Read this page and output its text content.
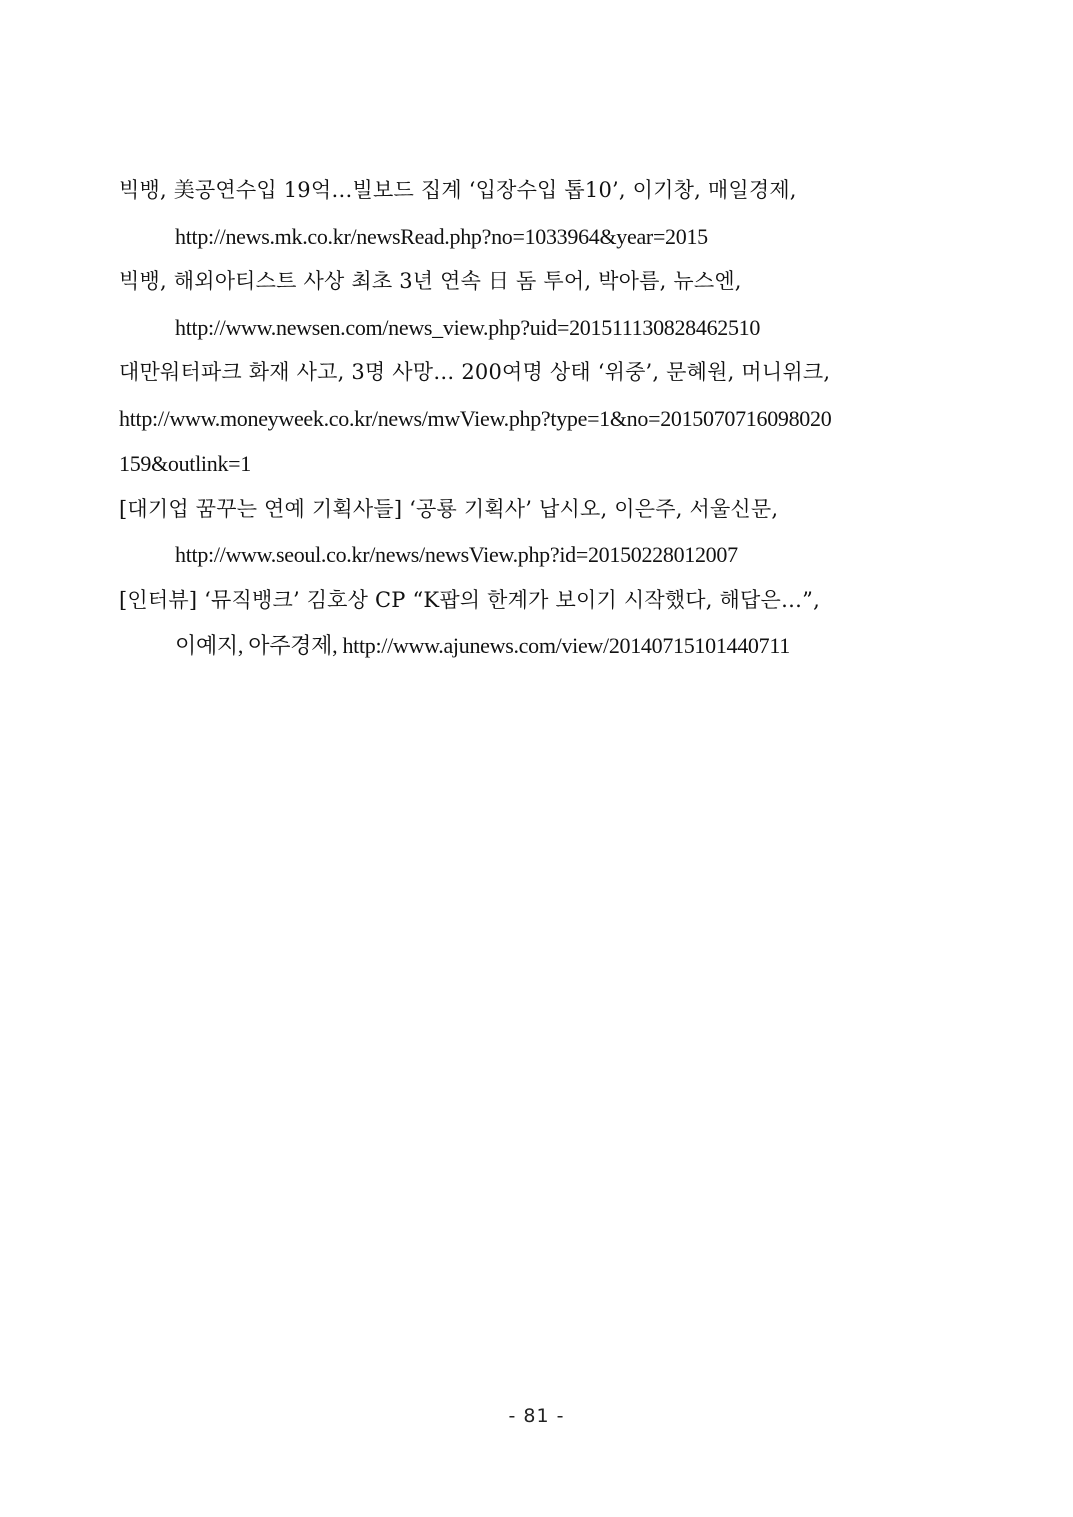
빅뱅, 美공연수입 19억…빌보드 집계 ‘입장수입 톱10’, 이기창, 매일경제,
http://news.mk.co.kr/newsRead.php?no=1033964&year=2015
빅뱅, 해외아티스트 사상 최초 3년 연속 日 돔 투어, 박아름, 뉴스엔,
http://www.newsen.com/news_view.php?uid=201511130828462510
대만워터파크 화재 사고, 3명 사망… 200여명 상태 ‘위중’, 문혜원, 머니위크,
http://www.moneyweek.co.kr/news/mwView.php?type=1&no=2015070716098020
159&outlink=1
[대기업 꿈꾸는 연예 기획사들] ‘공룡 기획사’ 납시오, 이은주, 서울신문,
http://www.seoul.co.kr/news/newsView.php?id=20150228012007
[인터뷰] ‘뮤직뱅크’ 김호상 CP “K팝의 한계가 보이기 시작했다, 해답은…”,
이예지, 아주경제, http://www.ajunews.com/view/20140715101440711
- 81 -
